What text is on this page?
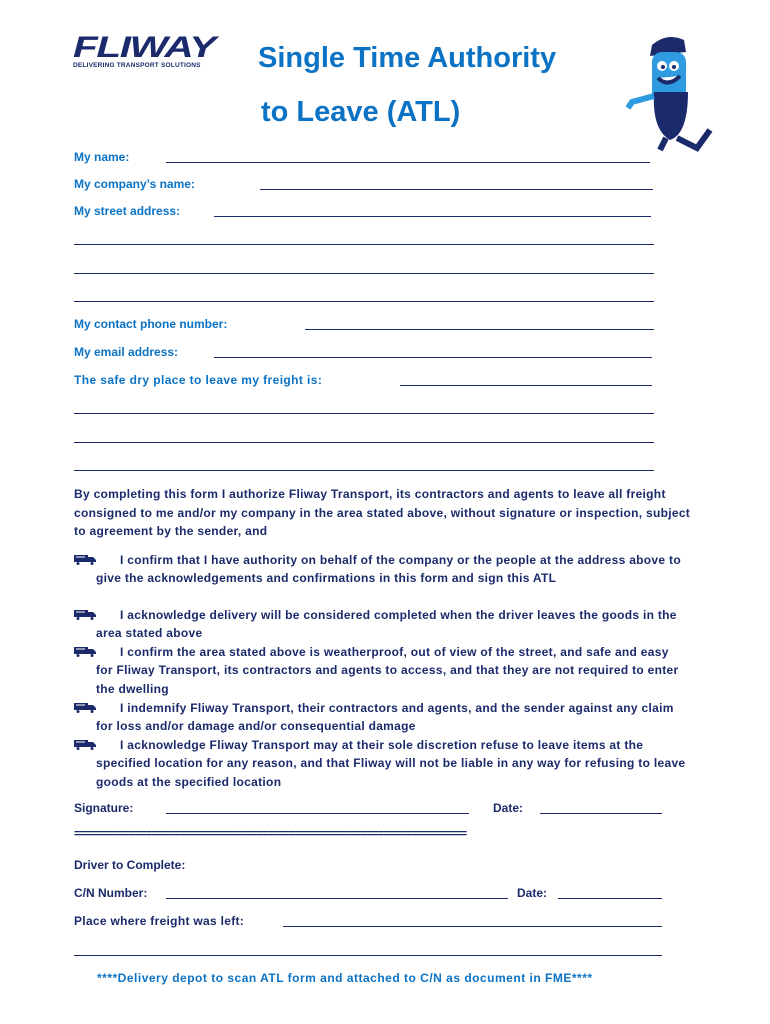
FLIWAY
DELIVERING TRANSPORT SOLUTIONS Single Time Authority
to Leave (ATL)
My name:
My company’s name:
My street address:
My contact phone number:
My email address:
The safe dry place to leave my freight is:
By completing this form I authorize Fliway Transport, its contractors and agents to leave all freight consigned to me and/or my company in the area stated above, without signature or inspection, subject to agreement by the sender, and
I confirm that I have authority on behalf of the company or the people at the address above to give the acknowledgements and confirmations in this form and sign this ATL
I acknowledge delivery will be considered completed when the driver leaves the goods in the area stated above
I confirm the area stated above is weatherproof, out of view of the street, and safe and easy for Fliway Transport, its contractors and agents to access, and that they are not required to enter the dwelling
I indemnify Fliway Transport, their contractors and agents, and the sender against any claim for loss and/or damage and/or consequential damage
I acknowledge Fliway Transport may at their sole discretion refuse to leave items at the specified location for any reason, and that Fliway will not be liable in any way for refusing to leave goods at the specified location
Signature:	Date:
=======================================================================
Driver to Complete:
C/N Number:	Date:
Place where freight was left:
****Delivery depot to scan ATL form and attached to C/N as document in FME****
